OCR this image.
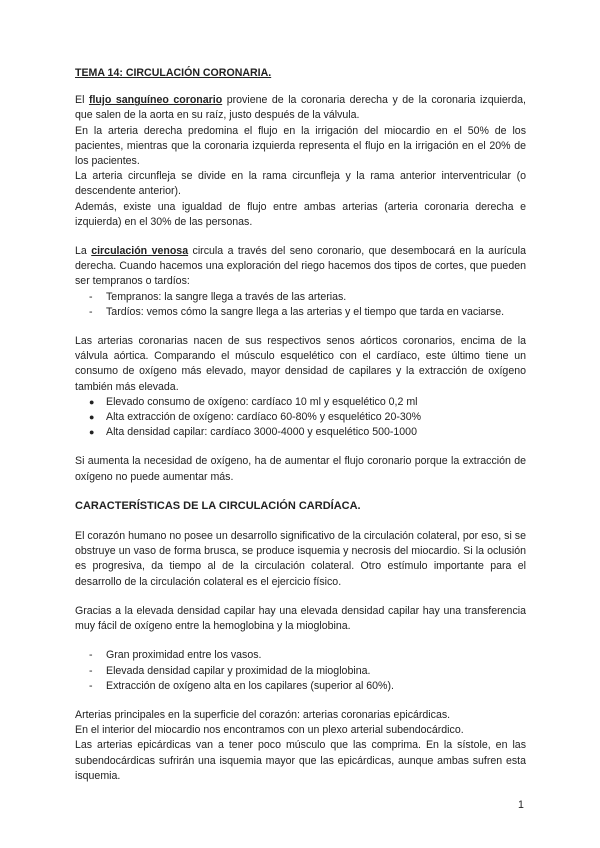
TEMA 14: CIRCULACIÓN CORONARIA.

El flujo sanguíneo coronario proviene de la coronaria derecha y de la coronaria izquierda, que salen de la aorta en su raíz, justo después de la válvula.

En la arteria derecha predomina el flujo en la irrigación del miocardio en el 50% de los pacientes, mientras que la coronaria izquierda representa el flujo en la irrigación en el 20% de los pacientes.

La arteria circunfleja se divide en la rama circunfleja y la rama anterior interventricular (o descendente anterior).

Además, existe una igualdad de flujo entre ambas arterias (arteria coronaria derecha e izquierda) en el 30% de las personas.

La circulación venosa circula a través del seno coronario, que desembocará en la aurícula derecha. Cuando hacemos una exploración del riego hacemos dos tipos de cortes, que pueden ser tempranos o tardíos:

- Tempranos: la sangre llega a través de las arterias.
- Tardíos: vemos cómo la sangre llega a las arterias y el tiempo que tarda en vaciarse.

Las arterias coronarias nacen de sus respectivos senos aórticos coronarios, encima de la válvula aórtica. Comparando el músculo esquelético con el cardíaco, este último tiene un consumo de oxígeno más elevado, mayor densidad de capilares y la extracción de oxígeno también más elevada.

● Elevado consumo de oxígeno: cardíaco 10 ml y esquelético 0,2 ml
● Alta extracción de oxígeno: cardíaco 60-80% y esquelético 20-30%
● Alta densidad capilar: cardíaco 3000-4000 y esquelético 500-1000

Si aumenta la necesidad de oxígeno, ha de aumentar el flujo coronario porque la extracción de oxígeno no puede aumentar más.

CARACTERÍSTICAS DE LA CIRCULACIÓN CARDÍACA.

El corazón humano no posee un desarrollo significativo de la circulación colateral, por eso, si se obstruye un vaso de forma brusca, se produce isquemia y necrosis del miocardio. Si la oclusión es progresiva, da tiempo al de la circulación colateral. Otro estímulo importante para el desarrollo de la circulación colateral es el ejercicio físico.

Gracias a la elevada densidad capilar hay una elevada densidad capilar hay una transferencia muy fácil de oxígeno entre la hemoglobina y la mioglobina.

- Gran proximidad entre los vasos.
- Elevada densidad capilar y proximidad de la mioglobina.
- Extracción de oxígeno alta en los capilares (superior al 60%).

Arterias principales en la superficie del corazón: arterias coronarias epicárdicas.

En el interior del miocardio nos encontramos con un plexo arterial subendocárdico.

Las arterias epicárdicas van a tener poco músculo que las comprima. En la sístole, en las subendocárdicas sufrirán una isquemia mayor que las epicárdicas, aunque ambas sufren esta isquemia.

1
